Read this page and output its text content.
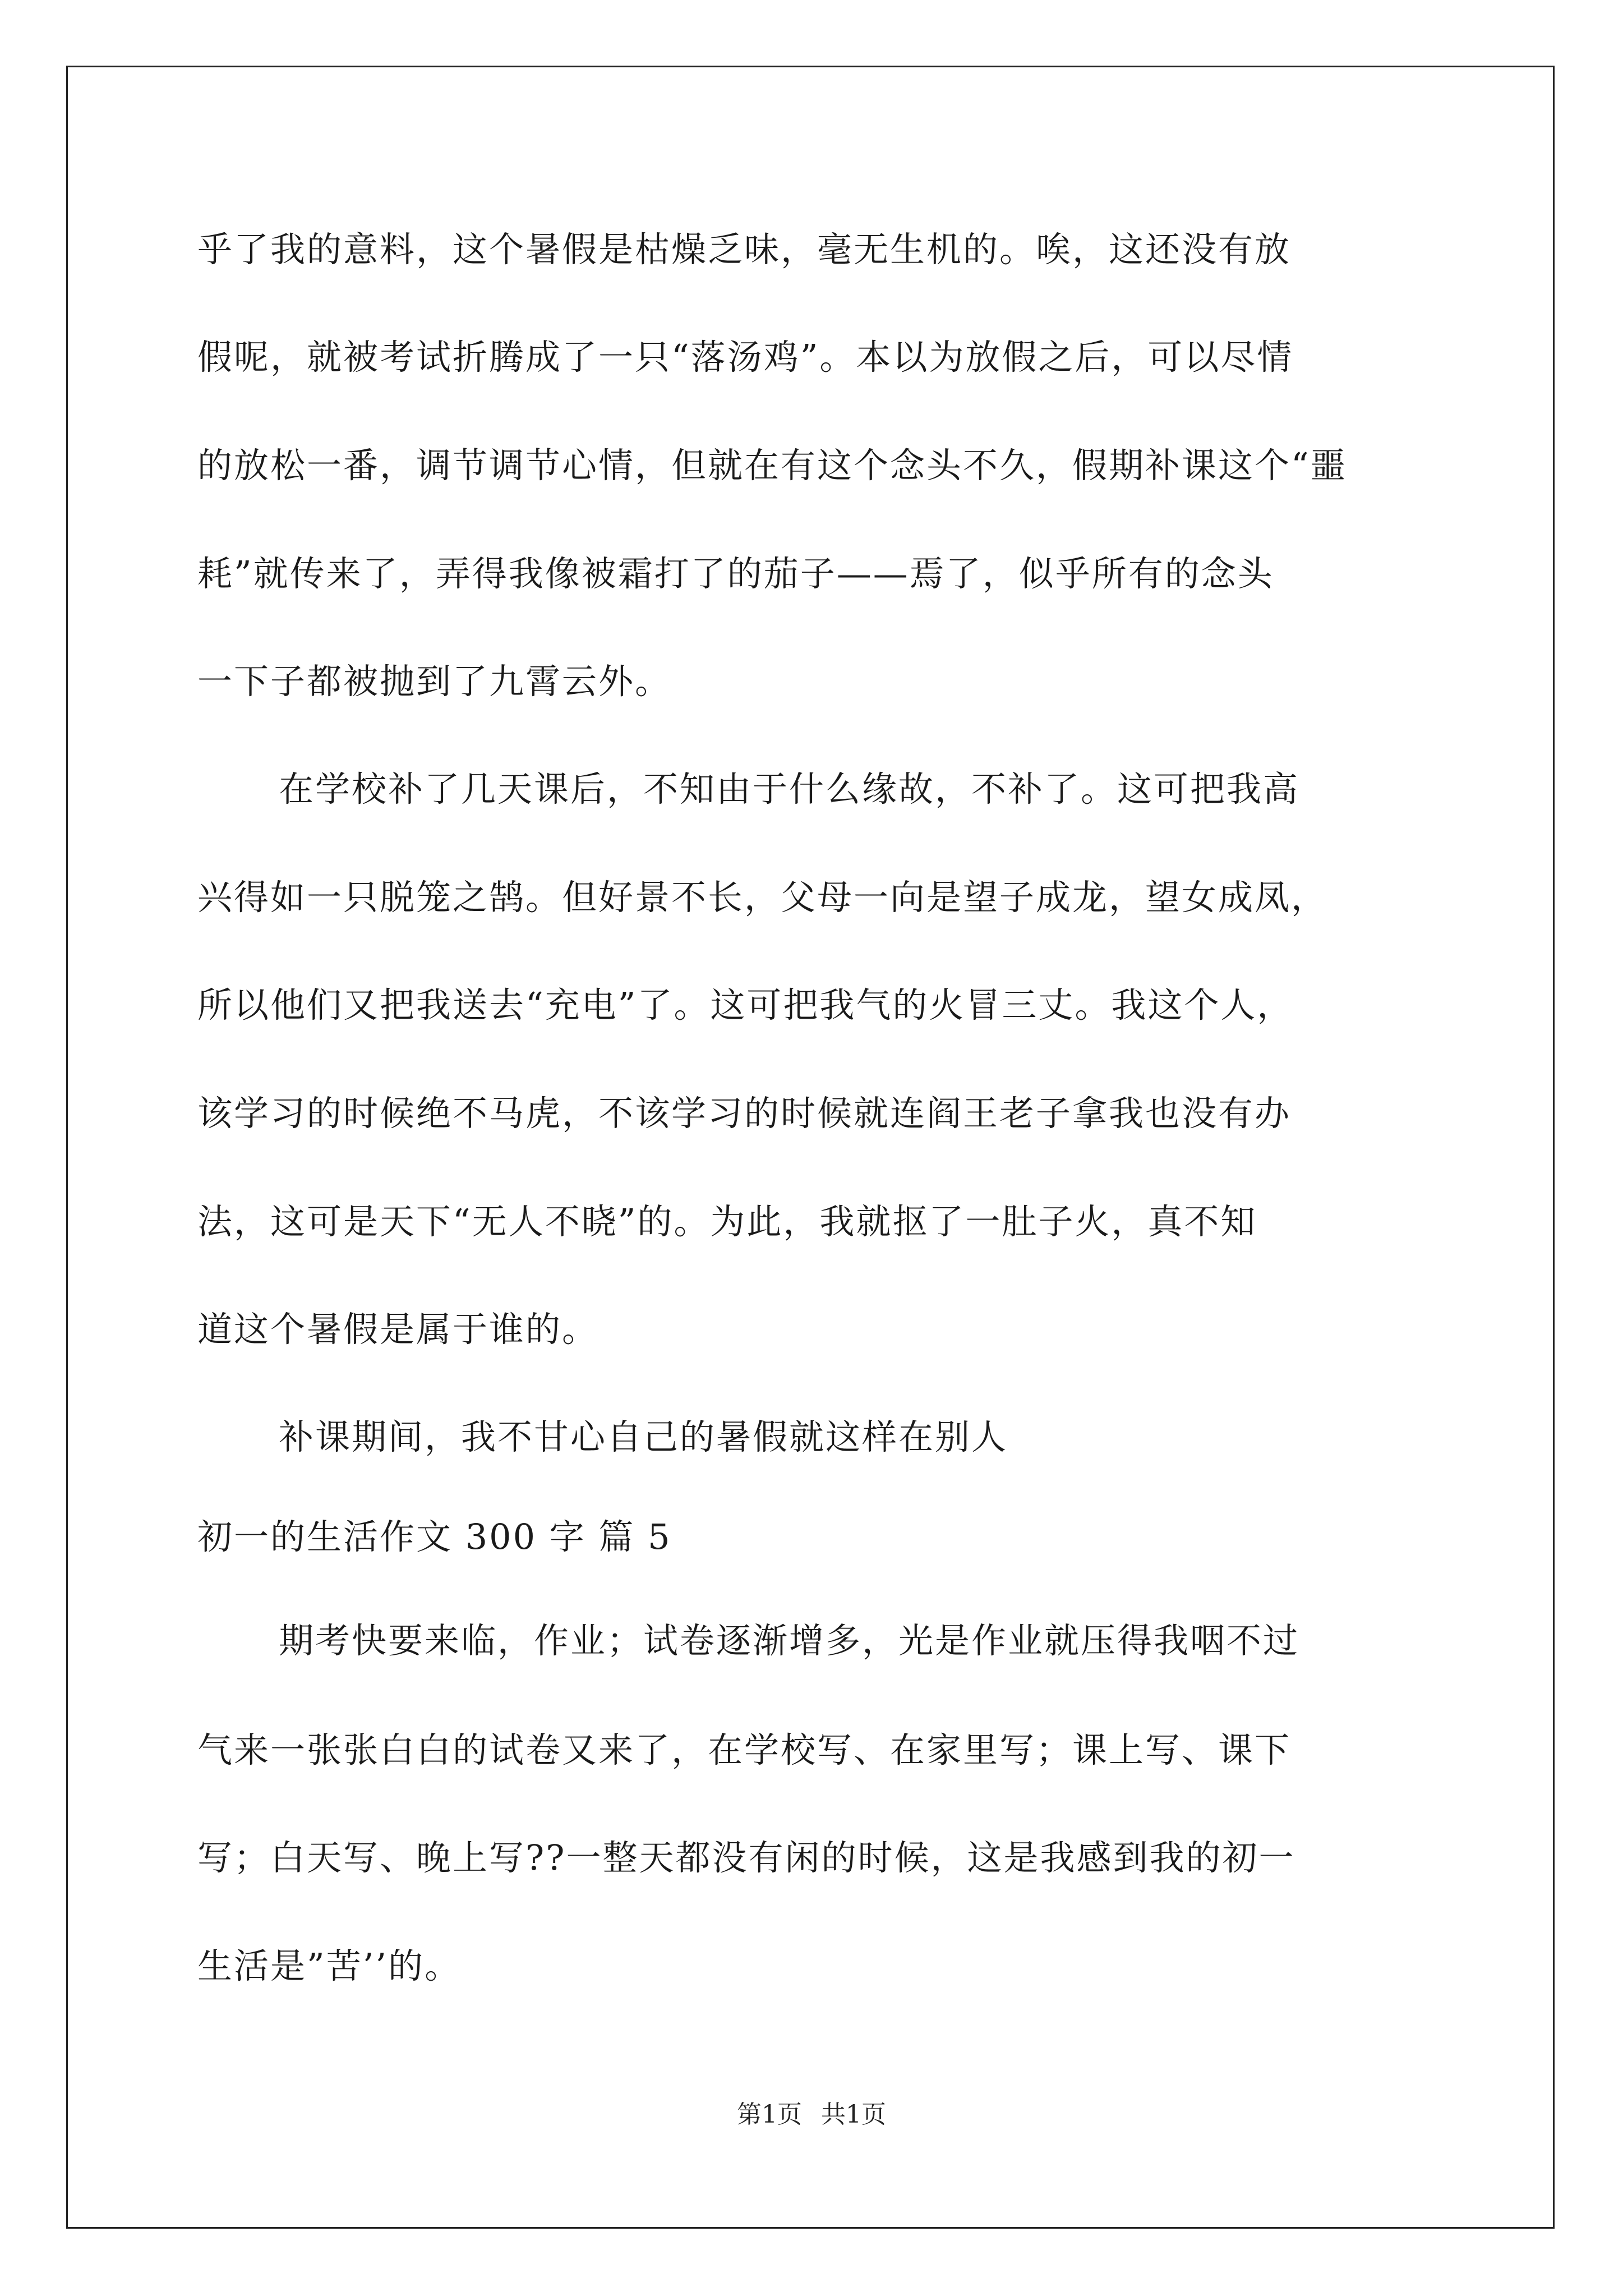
乎了我的意料，这个暑假是枯燥乏味，毫无生机的。唉，这还没有放
假呢，就被考试折腾成了一只“落汤鸡”。本以为放假之后，可以尽情
的放松一番，调节调节心情，但就在有这个念头不久，假期补课这个“噩
耗”就传来了，弄得我像被霜打了的茄子——焉了，似乎所有的念头
一下子都被抛到了九霄云外。
在学校补了几天课后，不知由于什么缘故，不补了。这可把我高
兴得如一只脱笼之鹄。但好景不长，父母一向是望子成龙，望女成凤，
所以他们又把我送去“充电”了。这可把我气的火冒三丈。我这个人，
该学习的时候绝不马虎，不该学习的时候就连阎王老子拿我也没有办
法，这可是天下“无人不晓”的。为此，我就抠了一肚子火，真不知
道这个暑假是属于谁的。
补课期间，我不甘心自己的暑假就这样在别人
初一的生活作文 300 字 篇 5
期考快要来临，作业；试卷逐渐增多，光是作业就压得我咽不过
气来一张张白白的试卷又来了，在学校写、在家里写；课上写、课下
写；白天写、晚上写??一整天都没有闲的时候，这是我感到我的初一
生活是”苦’’的。
第1页 共1页
